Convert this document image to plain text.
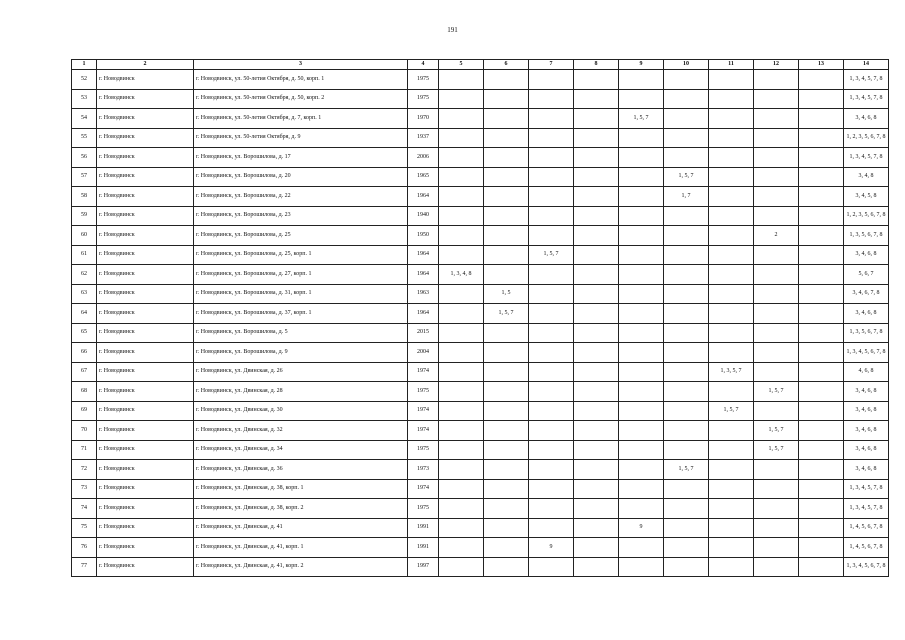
191
1	2	3	4	5	6	7	8	9	10	11	12	13	14
52	г. Новодвинск	г. Новодвинск, ул. 50-летия Октября, д. 50, корп. 1	1975										1, 3, 4, 5, 7, 8
53	г. Новодвинск	г. Новодвинск, ул. 50-летия Октября, д. 50, корп. 2	1975										1, 3, 4, 5, 7, 8
54	г. Новодвинск	г. Новодвинск, ул. 50-летия Октября, д. 7, корп. 1	1970					1, 5, 7					3, 4, 6, 8
55	г. Новодвинск	г. Новодвинск, ул. 50-летия Октября, д. 9	1937										1, 2, 3, 5, 6, 7, 8
56	г. Новодвинск	г. Новодвинск, ул. Ворошилова, д. 17	2006										1, 3, 4, 5, 7, 8
57	г. Новодвинск	г. Новодвинск, ул. Ворошилова, д. 20	1965						1, 5, 7				3, 4, 8
58	г. Новодвинск	г. Новодвинск, ул. Ворошилова, д. 22	1964						1, 7				3, 4, 5, 8
59	г. Новодвинск	г. Новодвинск, ул. Ворошилова, д. 23	1940										1, 2, 3, 5, 6, 7, 8
60	г. Новодвинск	г. Новодвинск, ул. Ворошилова, д. 25	1950								2		1, 3, 5, 6, 7, 8
61	г. Новодвинск	г. Новодвинск, ул. Ворошилова, д. 25, корп. 1	1964			1, 5, 7							3, 4, 6, 8
62	г. Новодвинск	г. Новодвинск, ул. Ворошилова, д. 27, корп. 1	1964	1, 3, 4, 8									5, 6, 7
63	г. Новодвинск	г. Новодвинск, ул. Ворошилова, д. 31, корп. 1	1963		1, 5								3, 4, 6, 7, 8
64	г. Новодвинск	г. Новодвинск, ул. Ворошилова, д. 37, корп. 1	1964		1, 5, 7								3, 4, 6, 8
65	г. Новодвинск	г. Новодвинск, ул. Ворошилова, д. 5	2015										1, 3, 5, 6, 7, 8
66	г. Новодвинск	г. Новодвинск, ул. Ворошилова, д. 9	2004										1, 3, 4, 5, 6, 7, 8
67	г. Новодвинск	г. Новодвинск, ул. Двинская, д. 26	1974							1, 3, 5, 7			4, 6, 8
68	г. Новодвинск	г. Новодвинск, ул. Двинская, д. 28	1975								1, 5, 7		3, 4, 6, 8
69	г. Новодвинск	г. Новодвинск, ул. Двинская, д. 30	1974							1, 5, 7			3, 4, 6, 8
70	г. Новодвинск	г. Новодвинск, ул. Двинская, д. 32	1974								1, 5, 7		3, 4, 6, 8
71	г. Новодвинск	г. Новодвинск, ул. Двинская, д. 34	1975								1, 5, 7		3, 4, 6, 8
72	г. Новодвинск	г. Новодвинск, ул. Двинская, д. 36	1973						1, 5, 7				3, 4, 6, 8
73	г. Новодвинск	г. Новодвинск, ул. Двинская, д. 38, корп. 1	1974										1, 3, 4, 5, 7, 8
74	г. Новодвинск	г. Новодвинск, ул. Двинская, д. 38, корп. 2	1975										1, 3, 4, 5, 7, 8
75	г. Новодвинск	г. Новодвинск, ул. Двинская, д. 41	1991					9					1, 4, 5, 6, 7, 8
76	г. Новодвинск	г. Новодвинск, ул. Двинская, д. 41, корп. 1	1991			9							1, 4, 5, 6, 7, 8
77	г. Новодвинск	г. Новодвинск, ул. Двинская, д. 41, корп. 2	1997										1, 3, 4, 5, 6, 7, 8
